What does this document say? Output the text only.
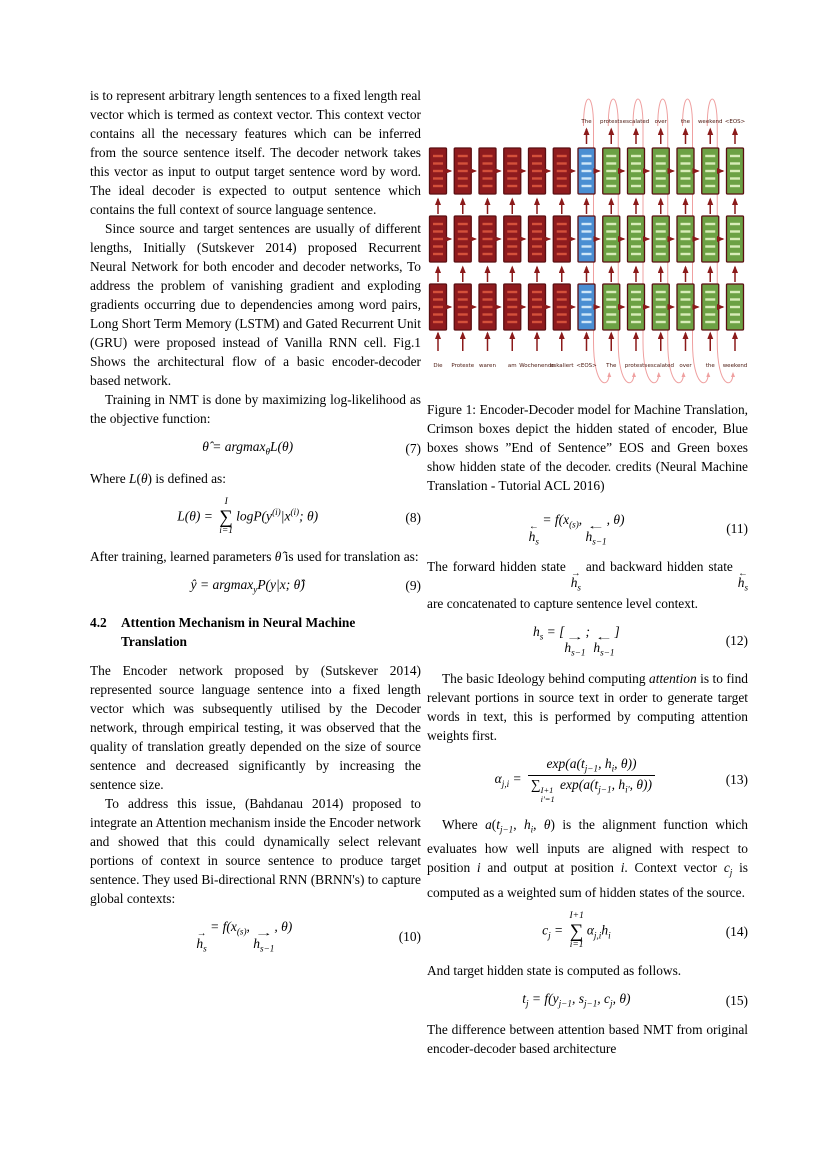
is to represent arbitrary length sentences to a fixed length real vector which is termed as context vector. This context vector contains all the necessary features which can be inferred from the source sentence itself. The decoder network takes this vector as input to output target sentence word by word. The ideal decoder is expected to output sentence which contains the full context of source language sentence.

Since source and target sentences are usually of different lengths, Initially (Sutskever 2014) proposed Recurrent Neural Network for both encoder and decoder networks, To address the problem of vanishing gradient and exploding gradients occurring due to dependencies among word pairs, Long Short Term Memory (LSTM) and Gated Recurrent Unit (GRU) were proposed instead of Vanilla RNN cell. Fig.1 Shows the architectural flow of a basic encoder-decoder based network.

Training in NMT is done by maximizing log-likelihood as the objective function:

θ̂ = argmax$_\theta$L(θ)	(7)

Where L(θ) is defined as:

L(θ) =
I
∑
i=1
$\log P(y^{(i)}|x^{(i)}$; θ)	(8)

After training, learned parameters θ̂ is used for translation as:

ŷ = argmax$_y$P(y|x; θ̂)	(9)
4.2	Attention Mechanism in Neural Machine Translation

The Encoder network proposed by (Sutskever 2014) represented source language sentence into a fixed length vector which was subsequently utilised by the Decoder network, through empirical testing, it was observed that the quality of translation greatly depended on the size of source sentence and decreased significantly by increasing the sentence size.

To address this issue, (Bahdanau 2014) proposed to integrate an Attention mechanism inside the Encoder network and showed that this could dynamically select relevant portions of context in source sentence to produce target sentence. They used Bi-directional RNN (BRNN's) to capture global contexts:

→
$h_s$
= $f(x_{(s)}$, →
$h_{s-1}$
, θ)
(10)
The protests escalated over	the weekend <EOS>
Die Proteste waren am Wochenende
eskaliert <EOS> The protests escalated over	the weekend

Figure 1: Encoder-Decoder model for Machine Translation, Crimson boxes depict the hidden stated of encoder, Blue boxes shows ”End of Sentence” EOS and Green boxes show hidden state of the decoder. credits (Neural Machine Translation - Tutorial ACL 2016)

←
$h_s$
= $f(x_{(s)}$, ←
$h_{s-1}$
, θ)
(11)

The forward hidden state →
$h_s$
and backward hidden state ←
$h_s$
are concatenated to capture sentence level context.

$h_s$ = [ →
$h_{s-1}$
; ←
$h_{s-1}$
]
(12)

The basic Ideology behind computing attention is to find relevant portions in source text in order to generate target words in text, this is performed by computing attention weights first.

$\alpha_{j,i} = \exp(a(t_{j-1}$, $h_i$, θ))
∑ I+1
i′=1
$\exp(a(t_{j-1}$, $h_{i'}$, θ))	(13)

Where $a(t_{j-1}$, $h_i$, θ) is the alignment function which evaluates how well inputs are aligned with respect to position i and output at position i. Context vector $c_j$ is computed as a weighted sum of hidden states of the source.

$c_j$ =
I+1
∑
i=1
$\alpha_{j,i}h_i$	(14)

And target hidden state is computed as follows.

$t_j = f(y_{j-1}$, $s_{j-1}$, $c_j$, θ)	(15)

The difference between attention based NMT from original encoder-decoder based architecture
